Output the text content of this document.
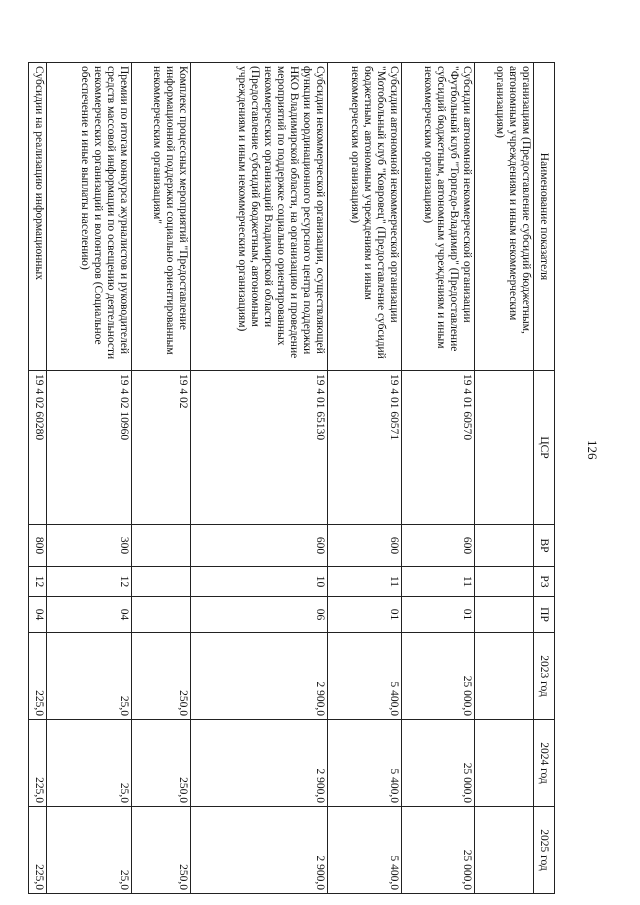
126
Наименование показателя	ЦСР	ВР	РЗ	ПР	2023 год	2024 год	2025 год
организациям (Предоставление субсидий бюджетным, автономным учреждениям и иным некоммерческим организациям)							
Субсидии автономной некоммерческой организации "Футбольный клуб "Торпедо-Владимир" (Предоставление субсидий бюджетным, автономным учреждениям и иным некоммерческим организациям)	19 4 01 60570	600	11	01	25 000,0	25 000,0	25 000,0
Субсидии автономной некоммерческой организации "Мотобольный клуб "Ковровец" (Предоставление субсидий бюджетным, автономным учреждениям и иным некоммерческим организациям)	19 4 01 60571	600	11	01	5 400,0	5 400,0	5 400,0
Субсидии некоммерческой организации, осуществляющей функции координационного ресурсного центра поддержки НКО Владимирской области, на организацию и проведение мероприятий по поддержке социально ориентированных некоммерческих организаций Владимирской области (Предоставление субсидий бюджетным, автономным учреждениям и иным некоммерческим организациям)	19 4 01 65130	600	10	06	2 900,0	2 900,0	2 900,0
Комплекс процессных мероприятий "Предоставление информационной поддержки социально ориентированным некоммерческим организациям"	19 4 02				250,0	250,0	250,0
Премии по итогам конкурса журналистов и руководителей средств массовой информации по освещению деятельности некоммерческих организаций и волонтеров (Социальное обеспечение и иные выплаты населению)	19 4 02 10960	300	12	04	25,0	25,0	25,0
Субсидии на реализацию информационных	19 4 02 60280	800	12	04	225,0	225,0	225,0
